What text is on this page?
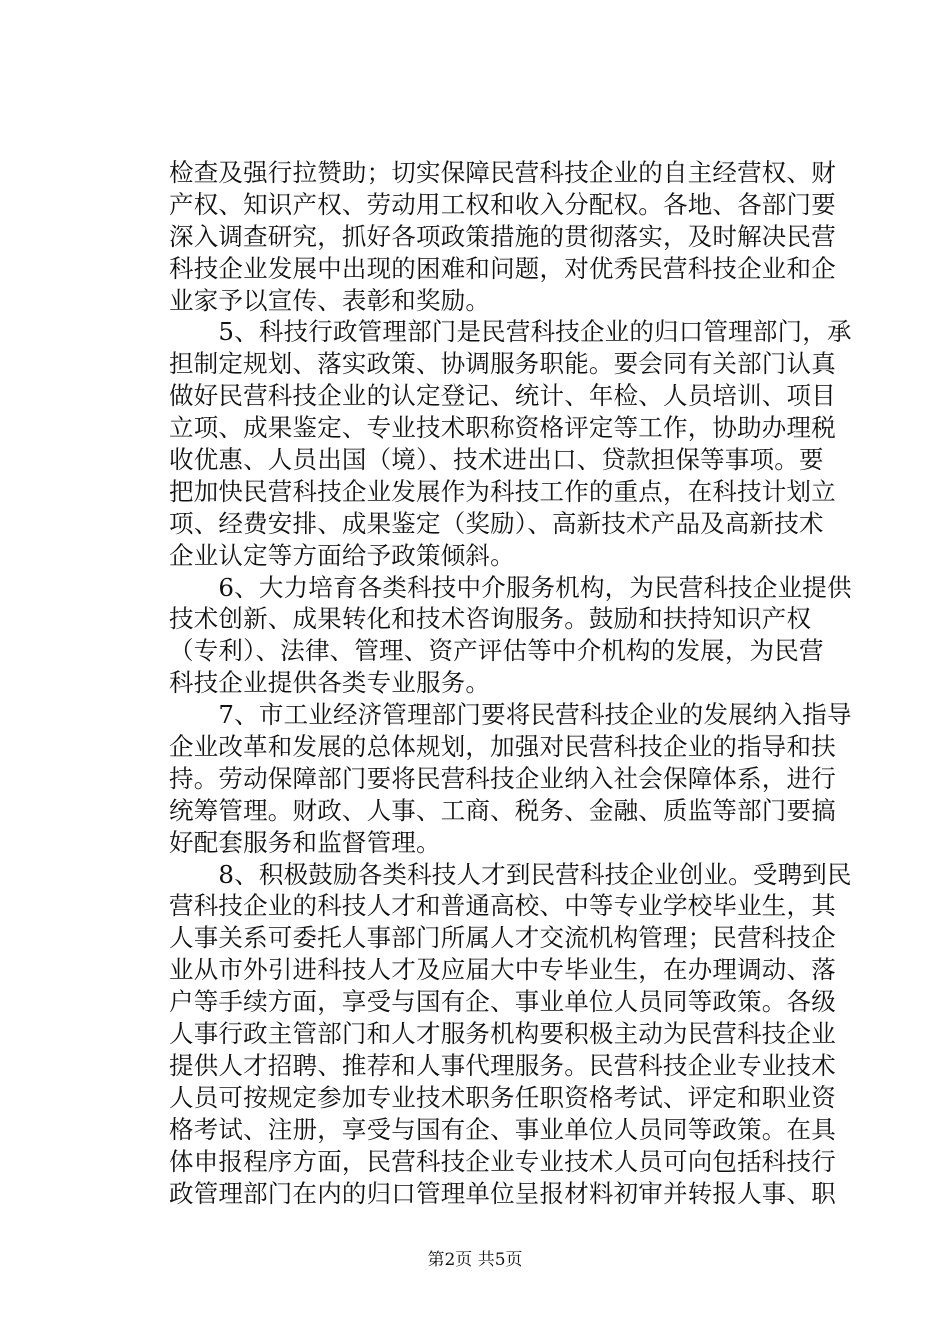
检查及强行拉赞助；切实保障民营科技企业的自主经营权、财
产权、知识产权、劳动用工权和收入分配权。各地、各部门要
深入调查研究，抓好各项政策措施的贯彻落实，及时解决民营
科技企业发展中出现的困难和问题，对优秀民营科技企业和企
业家予以宣传、表彰和奖励。
　　5、科技行政管理部门是民营科技企业的归口管理部门，承
担制定规划、落实政策、协调服务职能。要会同有关部门认真
做好民营科技企业的认定登记、统计、年检、人员培训、项目
立项、成果鉴定、专业技术职称资格评定等工作，协助办理税
收优惠、人员出国（境）、技术进出口、贷款担保等事项。要
把加快民营科技企业发展作为科技工作的重点，在科技计划立
项、经费安排、成果鉴定（奖励）、高新技术产品及高新技术
企业认定等方面给予政策倾斜。
　　6、大力培育各类科技中介服务机构，为民营科技企业提供
技术创新、成果转化和技术咨询服务。鼓励和扶持知识产权
（专利）、法律、管理、资产评估等中介机构的发展，为民营
科技企业提供各类专业服务。
　　7、市工业经济管理部门要将民营科技企业的发展纳入指导
企业改革和发展的总体规划，加强对民营科技企业的指导和扶
持。劳动保障部门要将民营科技企业纳入社会保障体系，进行
统筹管理。财政、人事、工商、税务、金融、质监等部门要搞
好配套服务和监督管理。
　　8、积极鼓励各类科技人才到民营科技企业创业。受聘到民
营科技企业的科技人才和普通高校、中等专业学校毕业生，其
人事关系可委托人事部门所属人才交流机构管理；民营科技企
业从市外引进科技人才及应届大中专毕业生，在办理调动、落
户等手续方面，享受与国有企、事业单位人员同等政策。各级
人事行政主管部门和人才服务机构要积极主动为民营科技企业
提供人才招聘、推荐和人事代理服务。民营科技企业专业技术
人员可按规定参加专业技术职务任职资格考试、评定和职业资
格考试、注册，享受与国有企、事业单位人员同等政策。在具
体申报程序方面，民营科技企业专业技术人员可向包括科技行
政管理部门在内的归口管理单位呈报材料初审并转报人事、职
第2页 共5页
